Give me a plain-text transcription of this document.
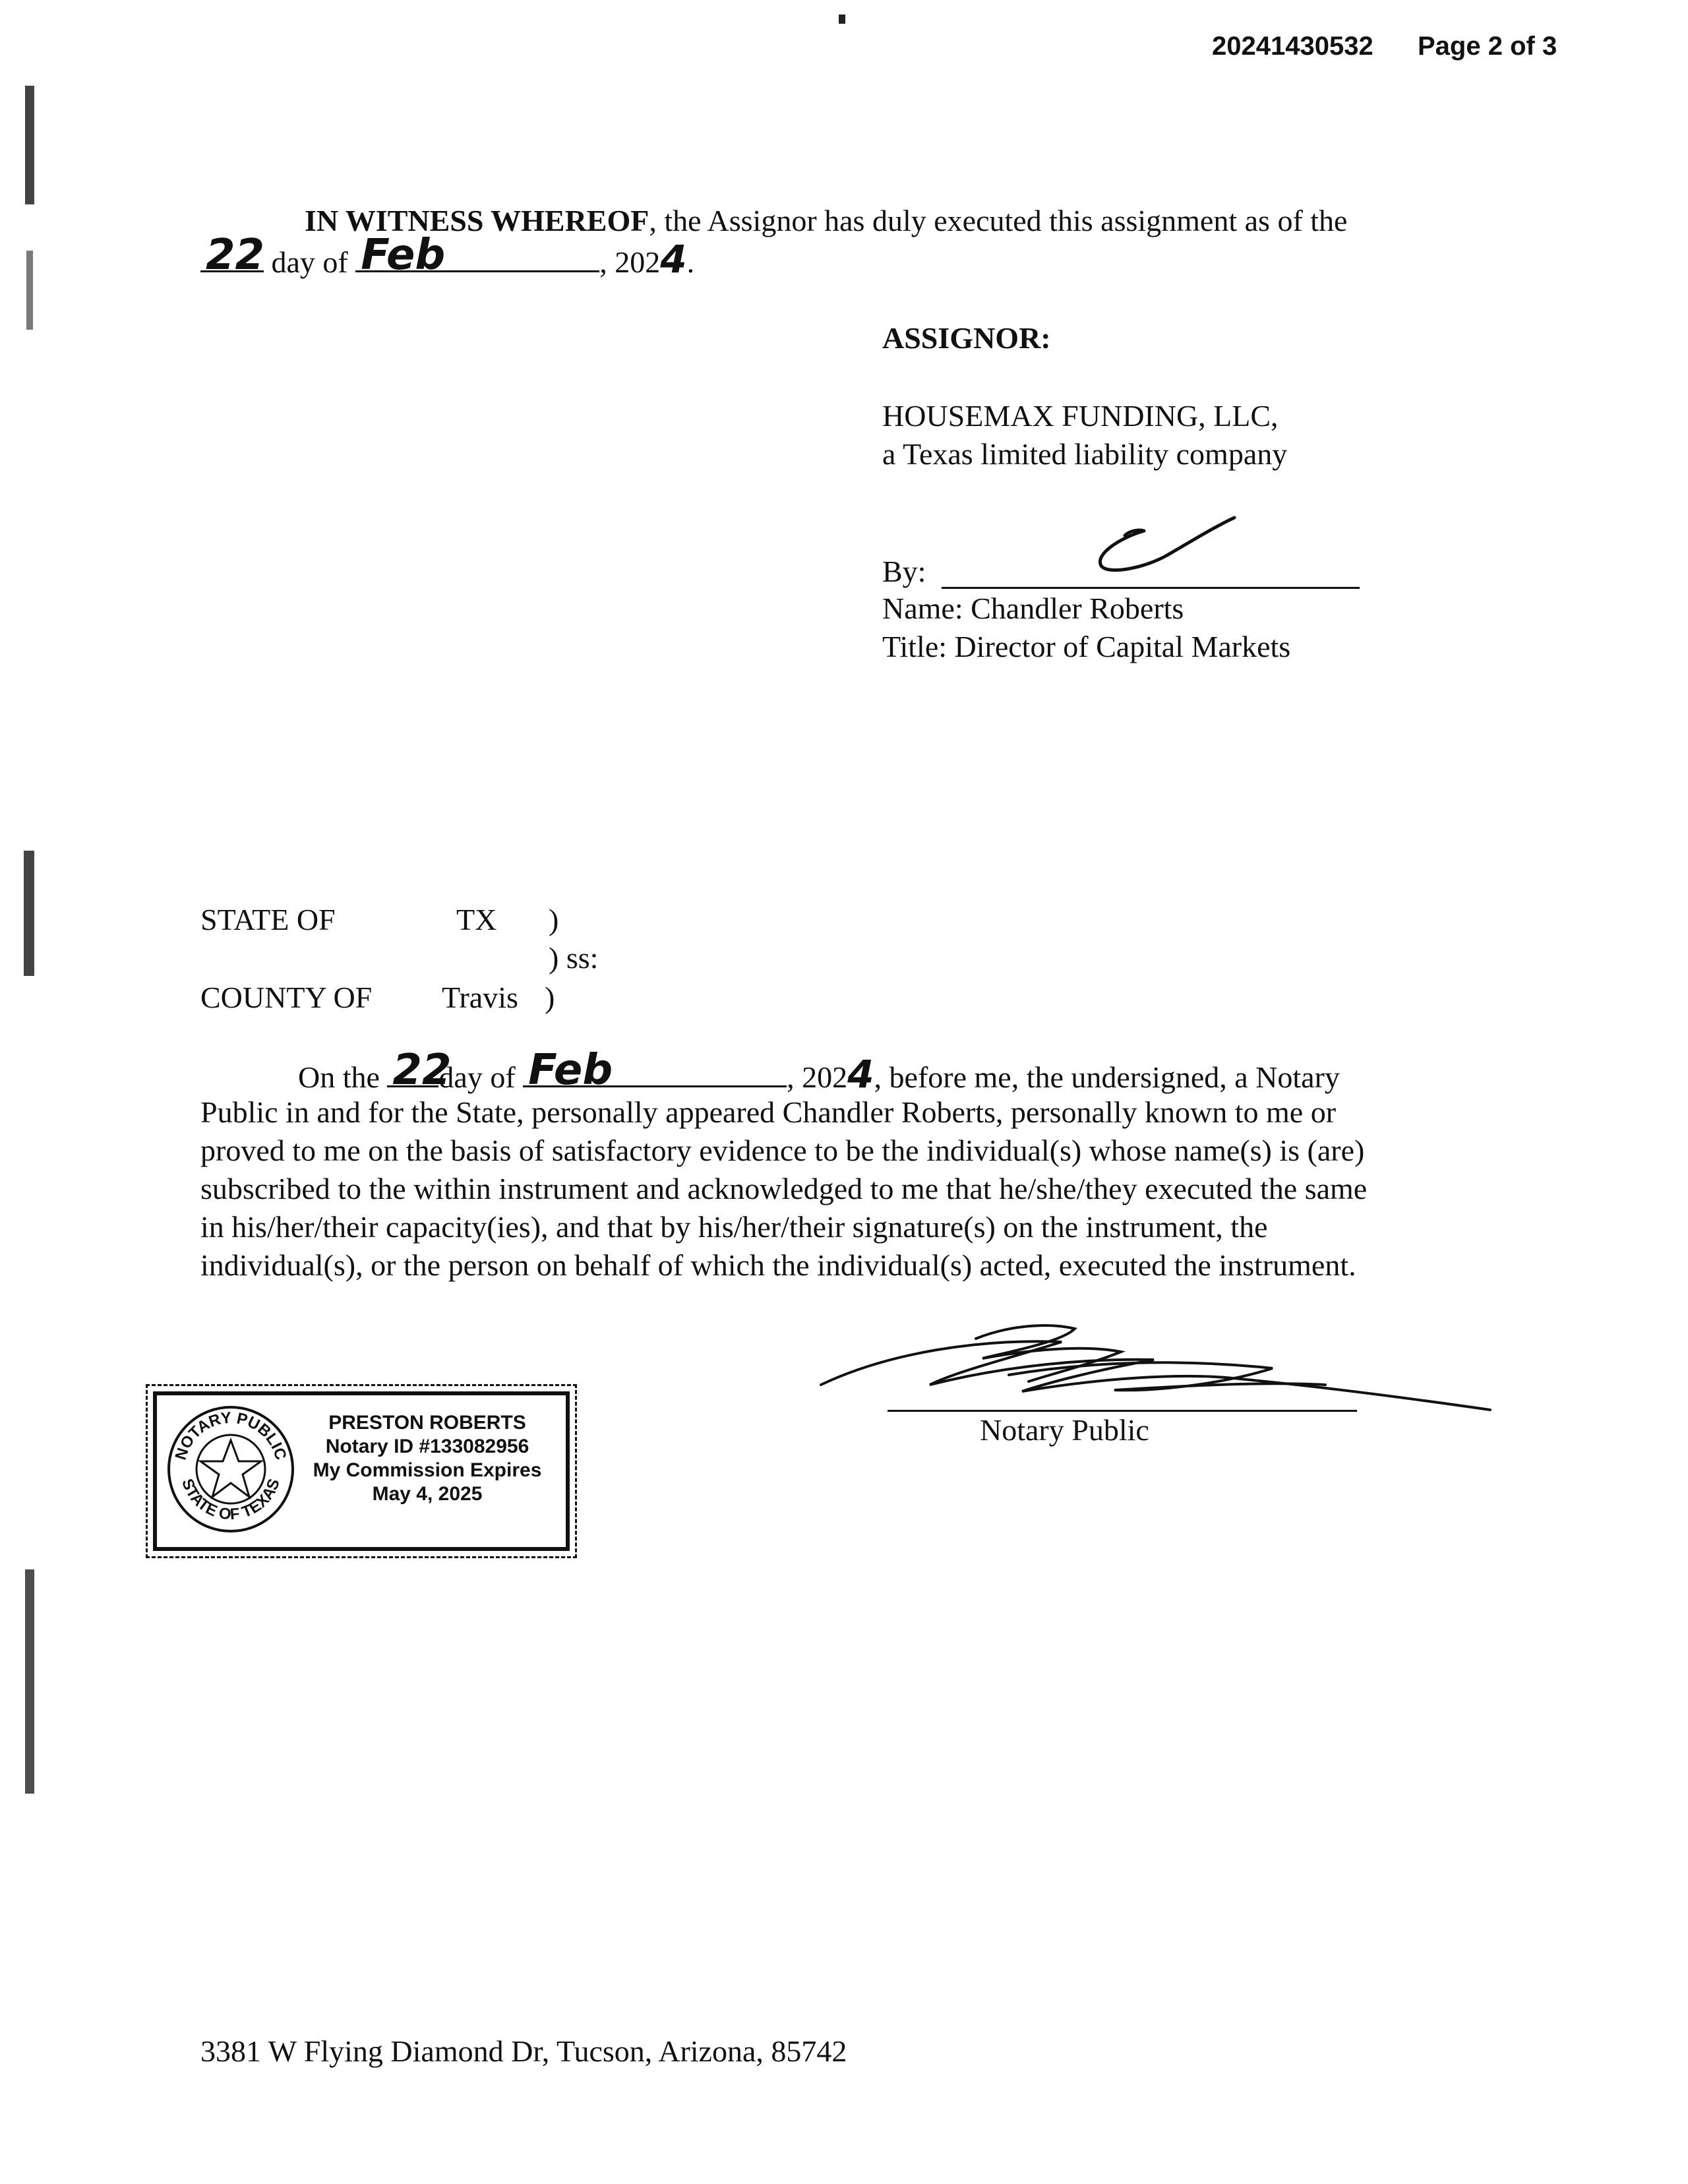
20241430532 Page 2 of 3
IN WITNESS WHEREOF, the Assignor has duly executed this assignment as of the
22
day of Feb	, 2024.
ASSIGNOR:
HOUSEMAX FUNDING, LLC,
a Texas limited liability company
By:
Name: Chandler Roberts
Title: Director of Capital Markets
STATE OF	TX )
) ss:
COUNTY OF Travis )
On the 22
day of Feb	, 2024, before me, the undersigned, a Notary
Public in and for the State, personally appeared Chandler Roberts, personally known to me or
proved to me on the basis of satisfactory evidence to be the individual(s) whose name(s) is (are)
subscribed to the within instrument and acknowledged to me that he/she/they executed the same
in his/her/their capacity(ies), and that by his/her/their signature(s) on the instrument, the
individual(s), or the person on behalf of which the individual(s) acted, executed the instrument.
Notary Public
NOTARY PUBLIC
STATE OF TEXAS
PRESTON ROBERTS
Notary ID #133082956
My Commission Expires
May 4, 2025
3381 W Flying Diamond Dr, Tucson, Arizona, 85742
